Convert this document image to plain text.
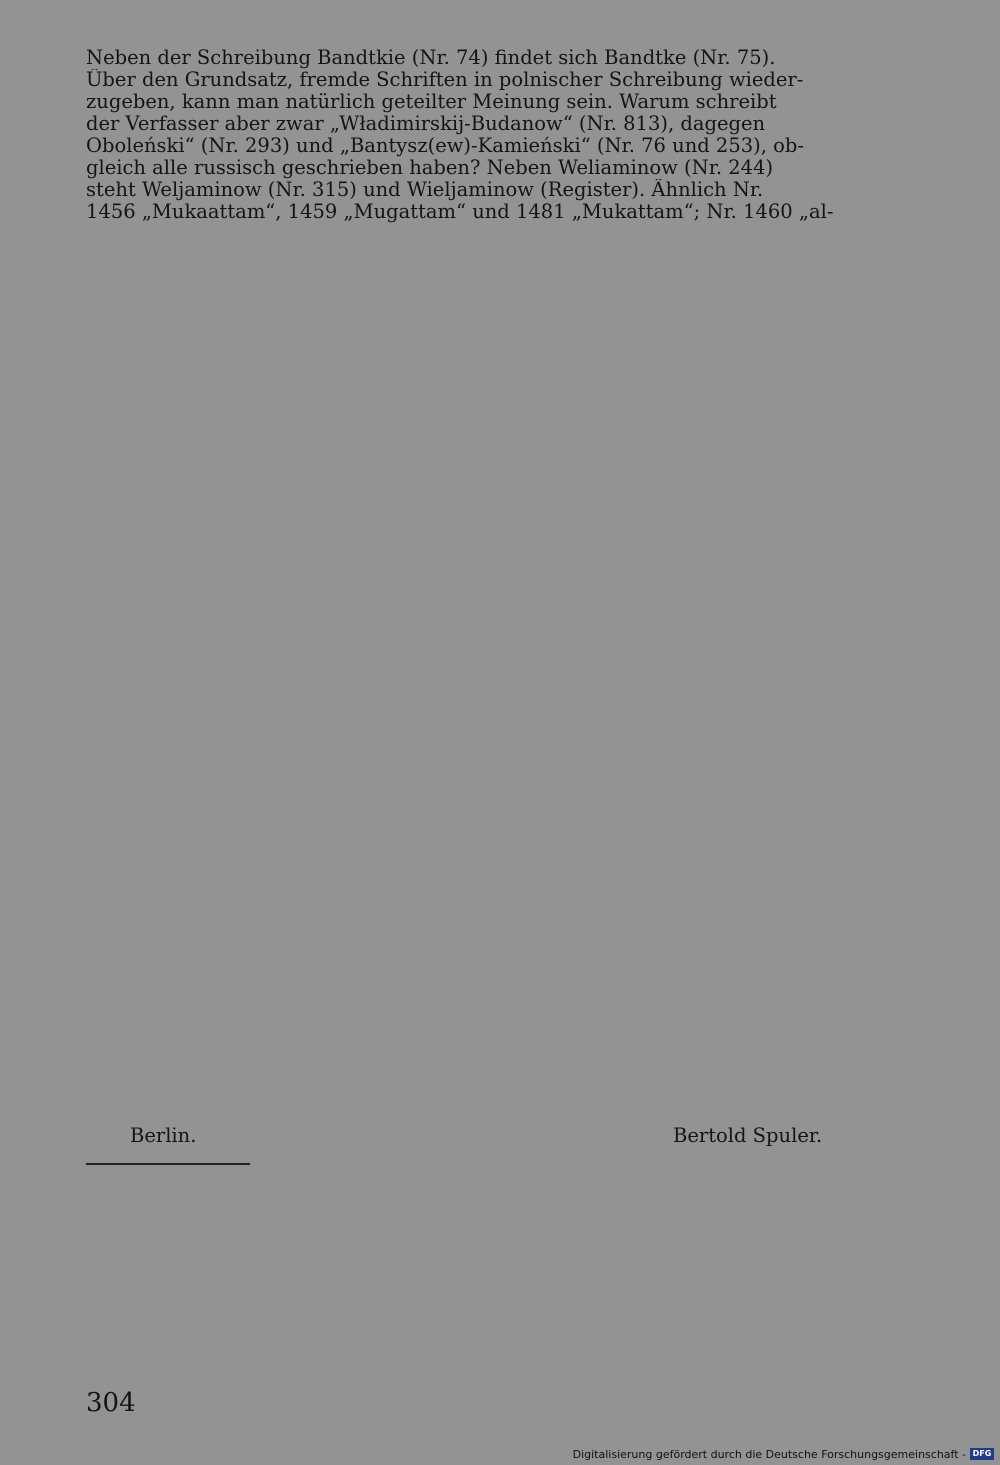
Neben der Schreibung Bandtkie (Nr. 74) findet sich Bandtke (Nr. 75).
Über den Grundsatz, fremde Schriften in polnischer Schreibung wieder-
zugeben, kann man natürlich geteilter Meinung sein. Warum schreibt
der Verfasser aber zwar „Władimirskij-Budanow“ (Nr. 813), dagegen
Oboleński“ (Nr. 293) und „Bantysz(ew)-Kamieński“ (Nr. 76 und 253), ob-
gleich alle russisch geschrieben haben? Neben Weliaminow (Nr. 244)
steht Weljaminow (Nr. 315) und Wieljaminow (Register). Ähnlich Nr.
1456 „Mukaattam“, 1459 „Mugattam“ und 1481 „Mukattam“; Nr. 1460 „al-
Berlin.	Bertold Spuler.
304
Digitalisierung gefördert durch die Deutsche Forschungsgemeinschaft - DFG
